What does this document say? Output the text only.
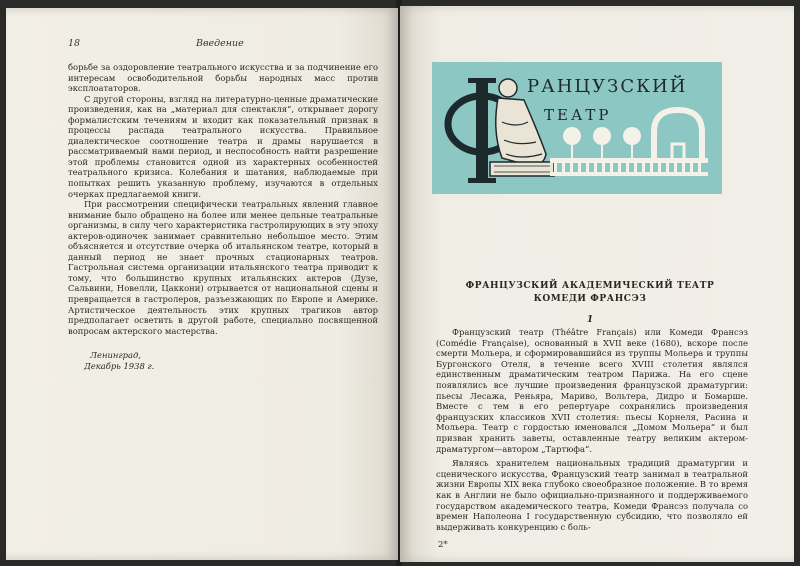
18	Введение

борьбе за оздоровление театрального искусства и за подчинение его интересам освободительной борьбы народных масс против эксплоататоров.

С другой стороны, взгляд на литературно-ценные драматические произведения, как на „материал для спектакля“, открывает дорогу формалистским течениям и входит как показательный признак в процессы распада театрального искусства. Правильное диалектическое соотношение театра и драмы нарушается в рассматриваемый нами период, и неспособность найти разрешение этой проблемы становится одной из характерных особенностей театрального кризиса. Колебания и шатания, наблюдаемые при попытках решить указанную проблему, изучаются в отдельных очерках предлагаемой книги.

При рассмотрении специфически театральных явлений главное внимание было обращено на более или менее цельные театральные организмы, в силу чего характеристика гастролирующих в эту эпоху актеров-одиночек занимает сравнительно небольшое место. Этим объясняется и отсутствие очерка об итальянском театре, который в данный период не знает прочных стационарных театров. Гастрольная система организации итальянского театра приводит к тому, что большинство крупных итальянских актеров (Дузе, Сальвини, Новелли, Цаккони) отрывается от национальной сцены и превращается в гастролеров, разъезжающих по Европе и Америке. Артистическое деятельность этих крупных трагиков автор предполагает осветить в другой работе, специально посвященной вопросам актерского мастерства.

Ленинград,
Декабрь 1938 г.
РАНЦУЗСКИЙ
ТЕАТР
ФРАНЦУЗСКИЙ АКАДЕМИЧЕСКИЙ ТЕАТР
КОМЕДИ ФРАНСЭЗ
1

Французский театр (Théâtre Français) или Комеди Франсэз (Comédie Française), основанный в XVII веке (1680), вскоре после смерти Мольера, и сформировавшийся из труппы Мольера и труппы Бургонского Отеля, в течение всего XVIII столетия являлся единственным драматическим театром Парижа. На его сцене появлялись все лучшие произведения французской драматургии: пьесы Лесажа, Реньяра, Мариво, Вольтера, Дидро и Бомарше. Вместе с тем в его репертуаре сохранялись произведения французских классиков XVII столетия: пьесы Корнеля, Расина и Мольера. Театр с гордостью именовался „Домом Мольера“ и был призван хранить заветы, оставленные театру великим актером-драматургом—автором „Тартюфа“.

Являясь хранителем национальных традиций драматургии и сценического искусства, Французский театр занимал в театральной жизни Европы XIX века глубоко своеобразное положение. В то время как в Англии не было официально-признанного и поддерживаемого государством академического театра, Комеди Франсэз получала со времен Наполеона I государственную субсидию, что позволяло ей выдерживать конкуренцию с боль-

2*
